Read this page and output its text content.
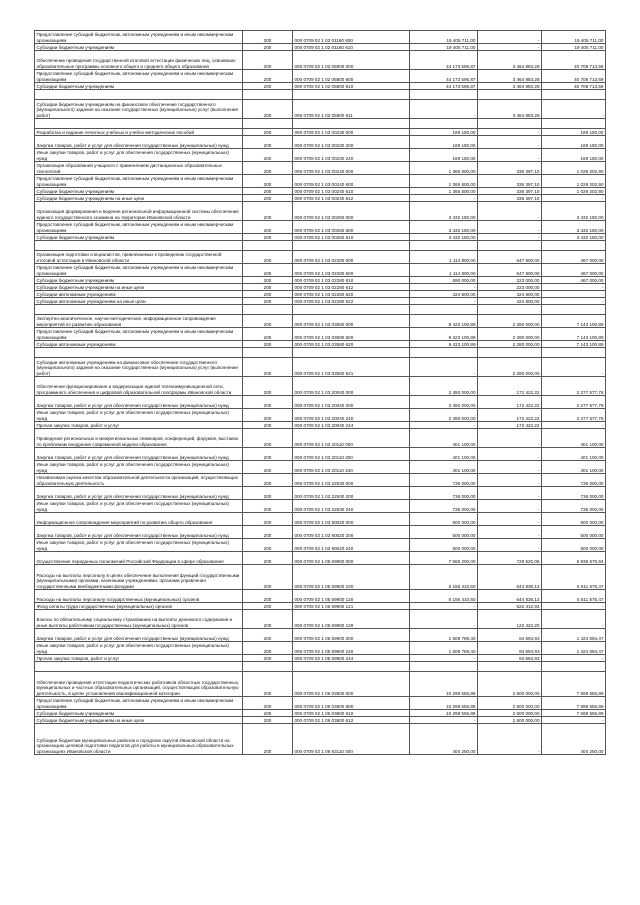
Предоставление субсидий бюджетным, автономным учреждениям и иным некоммерческим организациям	200	000 0709 02 1 02 01160 600	19 405 711,00	-	19 405 711,00
Субсидии бюджетным учреждениям	200	000 0709 02 1 02 01160 610	19 405 711,00	-	19 405 711,00
Обеспечение проведения государственной итоговой аттестации физических лиц, освоивших образовательные программы основного общего и среднего общего образования	200	000 0709 02 1 02 05800 000	44 173 596,87	3 464 883,28	40 708 713,59
Предоставление субсидий бюджетным, автономным учреждениям и иным некоммерческим организациям	200	000 0709 02 1 02 05800 600	44 173 596,87	3 464 883,28	40 708 713,59
Субсидии бюджетным учреждениям	200	000 0709 02 1 02 05800 610	44 173 596,87	3 464 883,28	40 708 713,59

Субсидии бюджетным учреждениям на финансовое обеспечение государственного (муниципального) задания на оказание государственных (муниципальных) услуг (выполнение работ)	200	000 0709 02 1 02 05800 611	-	3 464 883,28	-

Разработка и издание печатных учебных и учебно-методических пособий	200	000 0709 02 1 03 00230 000	169 150,00	-	169 150,00
Закупка товаров, работ и услуг для обеспечения государственных (муниципальных) нужд	200	000 0709 02 1 03 00230 200	169 150,00	-	169 150,00
Иные закупки товаров, работ и услуг для обеспечения государственных (муниципальных) нужд	200	000 0709 02 1 03 00230 240	169 150,00	-	169 150,00
Организация образования учащихся с применением дистанционных образовательных технологий	200	000 0709 02 1 03 00240 000	1 365 600,00	336 397,10	1 029 202,90
Предоставление субсидий бюджетным, автономным учреждениям и иным некоммерческим организациям	200	000 0709 02 1 03 00240 600	1 365 600,00	336 397,10	1 029 202,90
Субсидии бюджетным учреждениям	200	000 0709 02 1 03 00240 610	1 365 600,00	336 397,10	1 029 202,90
Субсидии бюджетным учреждениям на иные цели	200	000 0709 02 1 03 00240 612	-	336 397,10	-
Организация формирования и ведения региональной информационной системы обеспечения единого государственного экзамена на территории Ивановской области	200	000 0709 02 1 03 00260 000	3 432 150,00	-	3 432 150,00
Предоставление субсидий бюджетным, автономным учреждениям и иным некоммерческим организациям	200	000 0709 02 1 03 00260 600	3 432 150,00	-	3 432 150,00
Субсидии бюджетным учреждениям	200	000 0709 02 1 03 00260 610	3 432 150,00	-	3 432 150,00

Организация подготовки специалистов, привлекаемых к проведению государственной итоговой аттестации в Ивановской области	200	000 0709 02 1 03 02280 000	1 114 800,00	647 800,00	467 000,00
Предоставление субсидий бюджетным, автономным учреждениям и иным некоммерческим организациям	200	000 0709 02 1 03 02280 600	1 114 800,00	647 800,00	467 000,00
Субсидии бюджетным учреждениям	200	000 0709 02 1 03 02280 610	690 000,00	223 000,00	467 000,00
Субсидии бюджетным учреждениям на иные цели	200	000 0709 02 1 03 02280 612	-	223 000,00	-
Субсидии автономным учреждениям	200	000 0709 02 1 03 02280 620	424 800,00	424 800,00	-
Субсидии автономным учреждениям на иные цели	200	000 0709 02 1 03 02280 622	-	424 800,00	-

Экспертно-аналитическое, научно-методическое, информационное сопровождение мероприятий по развитию образования	200	000 0709 02 1 03 03580 000	9 423 100,89	2 280 000,00	7 143 100,89
Предоставление субсидий бюджетным, автономным учреждениям и иным некоммерческим организациям	200	000 0709 02 1 03 03580 600	9 423 100,89	2 280 000,00	7 143 100,89
Субсидии автономным учреждениям	200	000 0709 02 1 03 03580 620	9 423 100,89	2 280 000,00	7 143 100,89

Субсидии автономным учреждениям на финансовое обеспечение государственного (муниципального) задания на оказание государственных (муниципальных) услуг (выполнение работ)	200	000 0709 02 1 03 03580 621	-	2 280 000,00	-
Обеспечение функционирования и модернизация единой телекоммуникационной сети, программного обеспечения и цифровой образовательной платформы Ивановской области	200	000 0709 02 1 03 20040 000	2 450 000,00	172 422,22	2 277 577,78
Закупка товаров, работ и услуг для обеспечения государственных (муниципальных) нужд	200	000 0709 02 1 03 20040 200	2 450 000,00	172 422,22	2 277 577,78
Иные закупки товаров, работ и услуг для обеспечения государственных (муниципальных) нужд	200	000 0709 02 1 03 20040 240	2 450 000,00	172 422,22	2 277 577,78
Прочая закупка товаров, работ и услуг	200	000 0709 02 1 03 20040 244	-	172 422,22	-
Проведение региональных и межрегиональных семинаров, конференций, форумов, выставок по проблемам внедрения современной модели образования	200	000 0709 02 1 03 20110 000	401 100,00	-	401 100,00
Закупка товаров, работ и услуг для обеспечения государственных (муниципальных) нужд	200	000 0709 02 1 03 20110 200	401 100,00	-	401 100,00
Иные закупки товаров, работ и услуг для обеспечения государственных (муниципальных) нужд	200	000 0709 02 1 03 20110 240	401 100,00	-	401 100,00
Независимая оценка качества образовательной деятельности организаций, осуществляющих образовательную деятельность	200	000 0709 02 1 03 22930 000	736 000,00	-	736 000,00
Закупка товаров, работ и услуг для обеспечения государственных (муниципальных) нужд	200	000 0709 02 1 03 22930 200	736 000,00	-	736 000,00
Иные закупки товаров, работ и услуг для обеспечения государственных (муниципальных) нужд	200	000 0709 02 1 03 22930 240	736 000,00	-	736 000,00
Информационное сопровождение мероприятий по развитию общего образования	200	000 0709 02 1 03 90020 000	500 000,00	-	500 000,00
Закупка товаров, работ и услуг для обеспечения государственных (муниципальных) нужд	200	000 0709 02 1 03 90020 200	500 000,00	-	500 000,00
Иные закупки товаров, работ и услуг для обеспечения государственных (муниципальных) нужд	200	000 0709 02 1 03 90020 240	500 000,00	-	500 000,00
Осуществление переданных полномочий Российской Федерации в сфере образования	200	000 0709 02 1 05 59900 000	7 665 200,00	729 520,06	6 935 679,94
Расходы на выплаты персоналу в целях обеспечения выполнения функций государственными (муниципальными) органами, казенными учреждениями, органами управления государственными внебюджетными фондами	200	000 0709 02 1 05 59900 100	6 156 410,60	644 835,13	5 511 575,47
Расходы на выплаты персоналу государственных (муниципальных) органов	200	000 0709 02 1 05 59900 120	6 156 410,60	644 835,13	5 511 575,47
Фонд оплаты труда государственных (муниципальных) органов	200	000 0709 02 1 05 59900 121	-	522 412,93	-
Взносы по обязательному социальному страхованию на выплаты денежного содержания и иные выплаты работникам государственных (муниципальных) органов	200	000 0709 02 1 05 59900 129	-	122 422,20	-
Закупка товаров, работ и услуг для обеспечения государственных (муниципальных) нужд	200	000 0709 02 1 05 59900 200	1 508 789,40	84 694,93	1 424 094,47
Иные закупки товаров, работ и услуг для обеспечения государственных (муниципальных) нужд	200	000 0709 02 1 05 59900 240	1 508 789,40	84 694,93	1 424 094,47
Прочая закупка товаров, работ и услуг	200	000 0709 02 1 05 59900 244	-	84 694,93	-

Обеспечение проведения аттестации педагогических работников областных государственных, муниципальных и частных образовательных организаций, осуществляющих образовательную деятельность, в целях установления квалификационной категории	200	000 0709 02 1 06 03800 000	10 298 555,89	2 600 000,00	7 698 555,89
Предоставление субсидий бюджетным, автономным учреждениям и иным некоммерческим организациям	200	000 0709 02 1 06 03800 600	10 298 555,89	2 600 000,00	7 698 555,89
Субсидии бюджетным учреждениям	200	000 0709 02 1 06 03800 610	10 298 555,89	2 600 000,00	7 698 555,89
Субсидии бюджетным учреждениям на иные цели	200	000 0709 02 1 06 03800 612	-	2 600 000,00	-
Субсидии бюджетам муниципальных районов и городских округов Ивановской области на организацию целевой подготовки педагогов для работы в муниципальных образовательных организациях Ивановской области	200	000 0709 02 1 06 83110 000	404 250,00	-	404 250,00
